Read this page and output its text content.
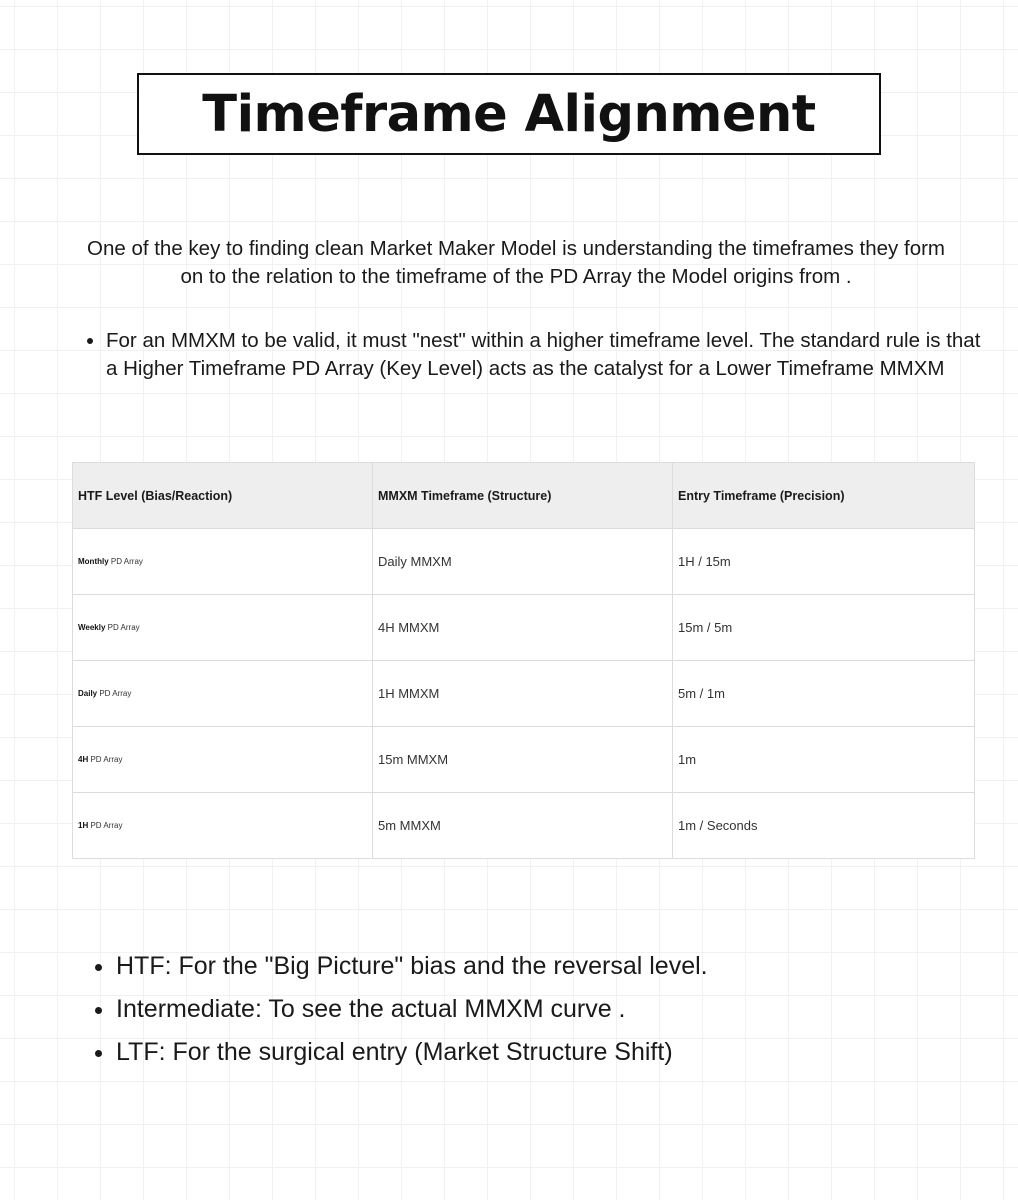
Timeframe Alignment

One of the key to finding clean Market Maker Model is understanding the timeframes they form on to the relation to the timeframe of the PD Array the Model origins from .

• For an MMXM to be valid, it must "nest" within a higher timeframe level. The standard rule is that a Higher Timeframe PD Array (Key Level) acts as the catalyst for a Lower Timeframe MMXM
HTF Level (Bias/Reaction)	MMXM Timeframe (Structure)	Entry Timeframe (Precision)
Monthly PD Array	Daily MMXM	1H / 15m
Weekly PD Array	4H MMXM	15m / 5m
Daily PD Array	1H MMXM	5m / 1m
4H PD Array	15m MMXM	1m
1H PD Array	5m MMXM	1m / Seconds
• HTF: For the "Big Picture" bias and the reversal level.
• Intermediate: To see the actual MMXM curve .
• LTF: For the surgical entry (Market Structure Shift)
